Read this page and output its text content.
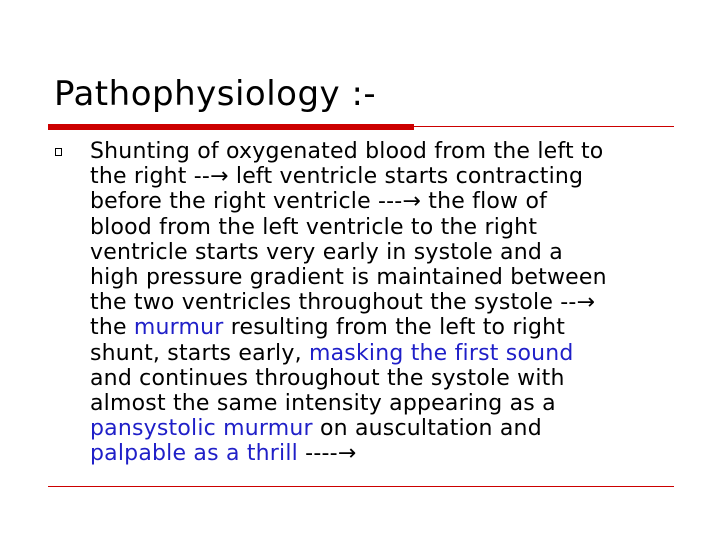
Pathophysiology :-
Shunting of oxygenated blood from the left to
the right --→ left ventricle starts contracting
before the right ventricle ---→ the flow of
blood from the left ventricle to the right
ventricle starts very early in systole and a
high pressure gradient is maintained between
the two ventricles throughout the systole --→
the murmur resulting from the left to right
shunt, starts early, masking the first sound
and continues throughout the systole with
almost the same intensity appearing as a
pansystolic murmur on auscultation and
palpable as a thrill ----→
